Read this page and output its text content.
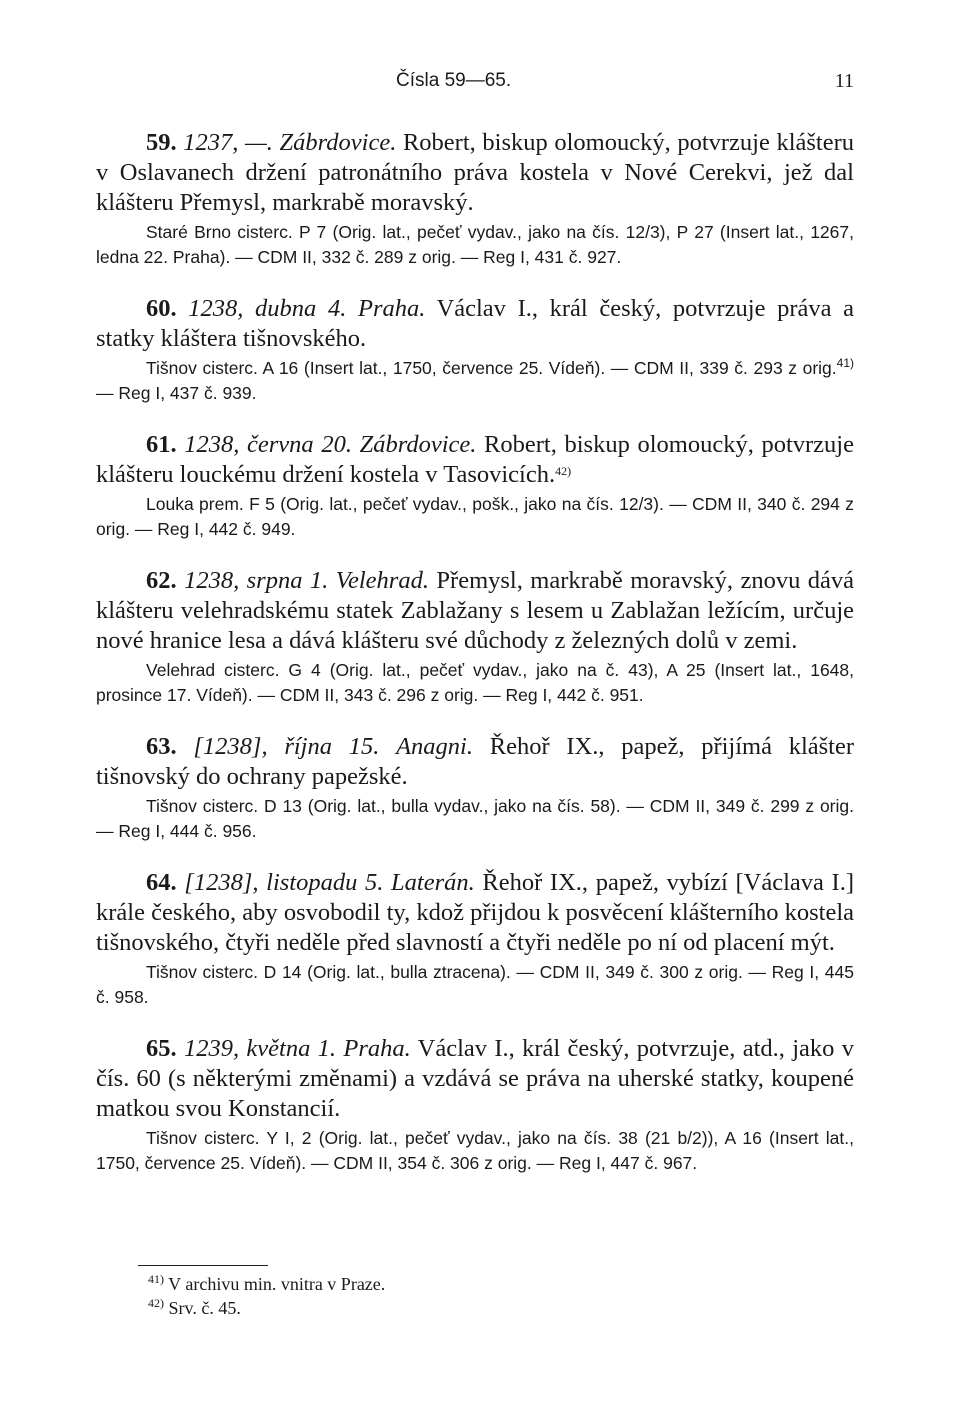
Čísla 59—65.	11

59. 1237, —. Zábrdovice. Robert, biskup olomoucký, potvrzuje klášteru v Oslavanech držení patronátního práva kostela v Nové Cerekvi, jež dal klášteru Přemysl, markrabě moravský.

Staré Brno cisterc. P 7 (Orig. lat., pečeť vydav., jako na čís. 12/3), P 27 (Insert lat., 1267, ledna 22. Praha). — CDM II, 332 č. 289 z orig. — Reg I, 431 č. 927.

60. 1238, dubna 4. Praha. Václav I., král český, potvrzuje práva a statky kláštera tišnovského.

Tišnov cisterc. A 16 (Insert lat., 1750, července 25. Vídeň). — CDM II, 339 č. 293 z orig.$^{41)}$ — Reg I, 437 č. 939.

61. 1238, června 20. Zábrdovice. Robert, biskup olomoucký, potvrzuje klášteru louckému držení kostela v Tasovicích.$^{42)}$

Louka prem. F 5 (Orig. lat., pečeť vydav., pošk., jako na čís. 12/3). — CDM II, 340 č. 294 z orig. — Reg I, 442 č. 949.

62. 1238, srpna 1. Velehrad. Přemysl, markrabě moravský, znovu dává klášteru velehradskému statek Zablažany s lesem u Zablažan ležícím, určuje nové hranice lesa a dává klášteru své důchody z železných dolů v zemi.

Velehrad cisterc. G 4 (Orig. lat., pečeť vydav., jako na č. 43), A 25 (Insert lat., 1648, prosince 17. Vídeň). — CDM II, 343 č. 296 z orig. — Reg I, 442 č. 951.

63. [1238], října 15. Anagni. Řehoř IX., papež, přijímá klášter tišnovský do ochrany papežské.

Tišnov cisterc. D 13 (Orig. lat., bulla vydav., jako na čís. 58). — CDM II, 349 č. 299 z orig. — Reg I, 444 č. 956.

64. [1238], listopadu 5. Laterán. Řehoř IX., papež, vybízí [Václava I.] krále českého, aby osvobodil ty, kdož přijdou k posvěcení klášterního kostela tišnovského, čtyři neděle před slavností a čtyři neděle po ní od placení mýt.

Tišnov cisterc. D 14 (Orig. lat., bulla ztracena). — CDM II, 349 č. 300 z orig. — Reg I, 445 č. 958.

65. 1239, května 1. Praha. Václav I., král český, potvrzuje, atd., jako v čís. 60 (s některými změnami) a vzdává se práva na uherské statky, koupené matkou svou Konstancií.

Tišnov cisterc. Y I, 2 (Orig. lat., pečeť vydav., jako na čís. 38 (21 b/2)), A 16 (Insert lat., 1750, července 25. Vídeň). — CDM II, 354 č. 306 z orig. — Reg I, 447 č. 967.

$^{41)}$ V archivu min. vnitra v Praze.

$^{42)}$ Srv. č. 45.
